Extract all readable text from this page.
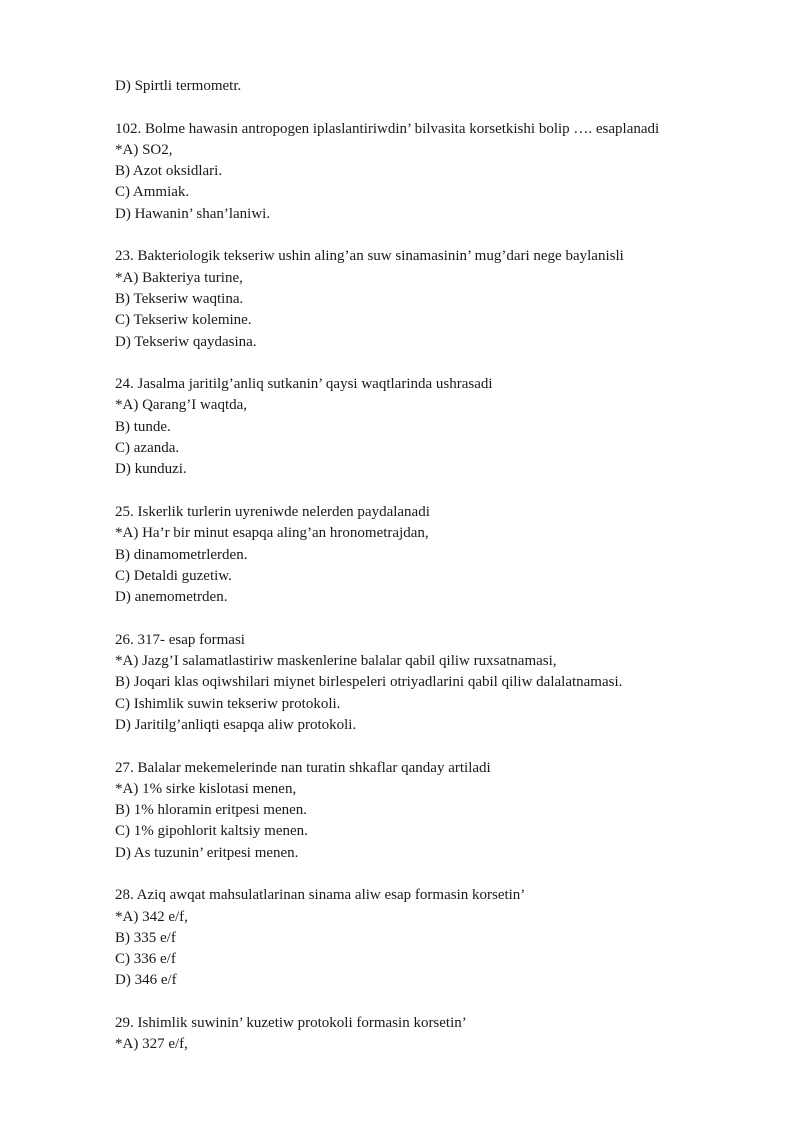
D) Spirtli termometr.
102. Bolme hawasin antropogen iplaslantiriwdin’ bilvasita korsetkishi bolip …. esaplanadi
*A) SO2,
B) Azot oksidlari.
C) Ammiak.
D) Hawanin’ shan’laniwi.
23. Bakteriologik tekseriw ushin aling’an suw sinamasinin’ mug’dari nege baylanisli
*A) Bakteriya turine,
B) Tekseriw waqtina.
C) Tekseriw kolemine.
D) Tekseriw qaydasina.
24. Jasalma jaritilg’anliq sutkanin’ qaysi waqtlarinda ushrasadi
*A) Qarang’I waqtda,
B) tunde.
C) azanda.
D) kunduzi.
25. Iskerlik turlerin uyreniwde nelerden paydalanadi
*A) Ha’r bir minut esapqa aling’an hronometrajdan,
B) dinamometrlerden.
C) Detaldi guzetiw.
D) anemometrden.
26. 317- esap formasi
*A) Jazg’I salamatlastiriw maskenlerine balalar qabil qiliw ruxsatnamasi,
B) Joqari klas oqiwshilari miynet birlespeleri otriyadlarini qabil qiliw dalalatnamasi.
C) Ishimlik suwin tekseriw protokoli.
D) Jaritilg’anliqti esapqa aliw protokoli.
27. Balalar mekemelerinde nan turatin shkaflar qanday artiladi
*A) 1% sirke kislotasi menen,
B) 1% hloramin eritpesi menen.
C) 1% gipohlorit kaltsiy menen.
D) As tuzunin’ eritpesi menen.
28. Aziq awqat mahsulatlarinan sinama aliw esap formasin korsetin’
*A) 342 e/f,
B) 335 e/f
C) 336 e/f
D) 346 e/f
29. Ishimlik suwinin’ kuzetiw protokoli formasin korsetin’
*A) 327 e/f,
